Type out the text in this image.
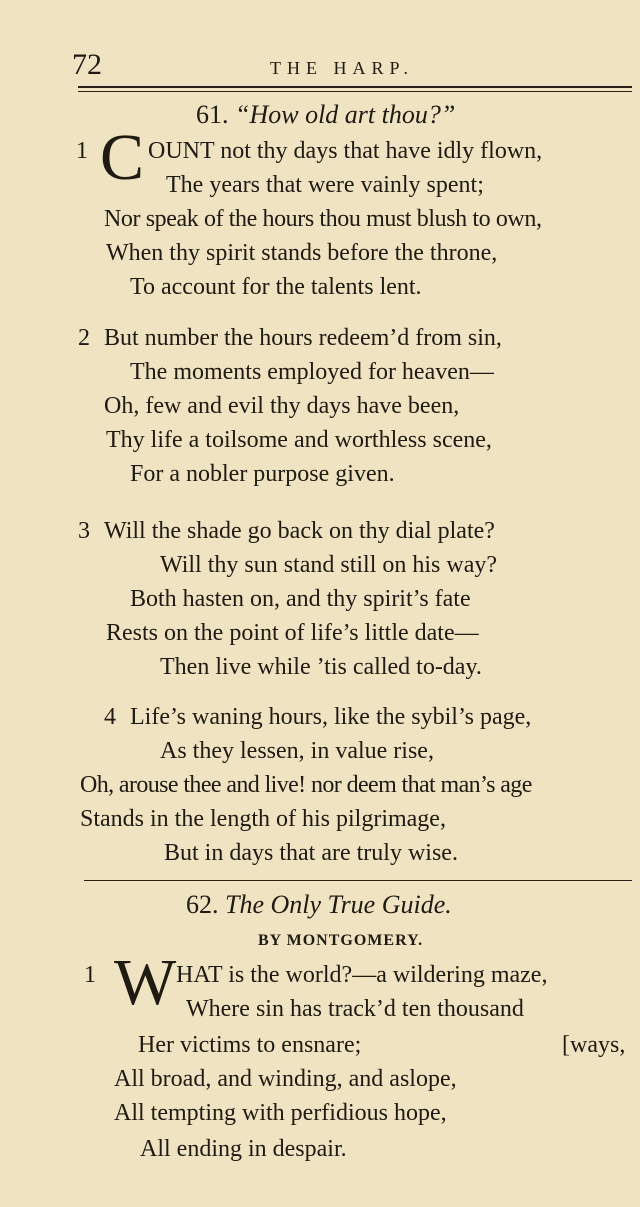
72	THE HARP.
61. “How old art thou?”
1 C OUNT not thy days that have idly flown,
The years that were vainly spent;
Nor speak of the hours thou must blush to own,
When thy spirit stands before the throne,
To account for the talents lent.
2 But number the hours redeem’d from sin,
The moments employed for heaven—
Oh, few and evil thy days have been,
Thy life a toilsome and worthless scene,
For a nobler purpose given.
3 Will the shade go back on thy dial plate?
Will thy sun stand still on his way?
Both hasten on, and thy spirit’s fate
Rests on the point of life’s little date—
Then live while ’tis called to-day.
4 Life’s waning hours, like the sybil’s page,
As they lessen, in value rise,
Oh, arouse thee and live! nor deem that man’s age
Stands in the length of his pilgrimage,
But in days that are truly wise.
62. The Only True Guide.
BY MONTGOMERY.
1 W HAT is the world?—a wildering maze,
Where sin has track’d ten thousand
Her victims to ensnare;	[ways,
All broad, and winding, and aslope,
All tempting with perfidious hope,
All ending in despair.
